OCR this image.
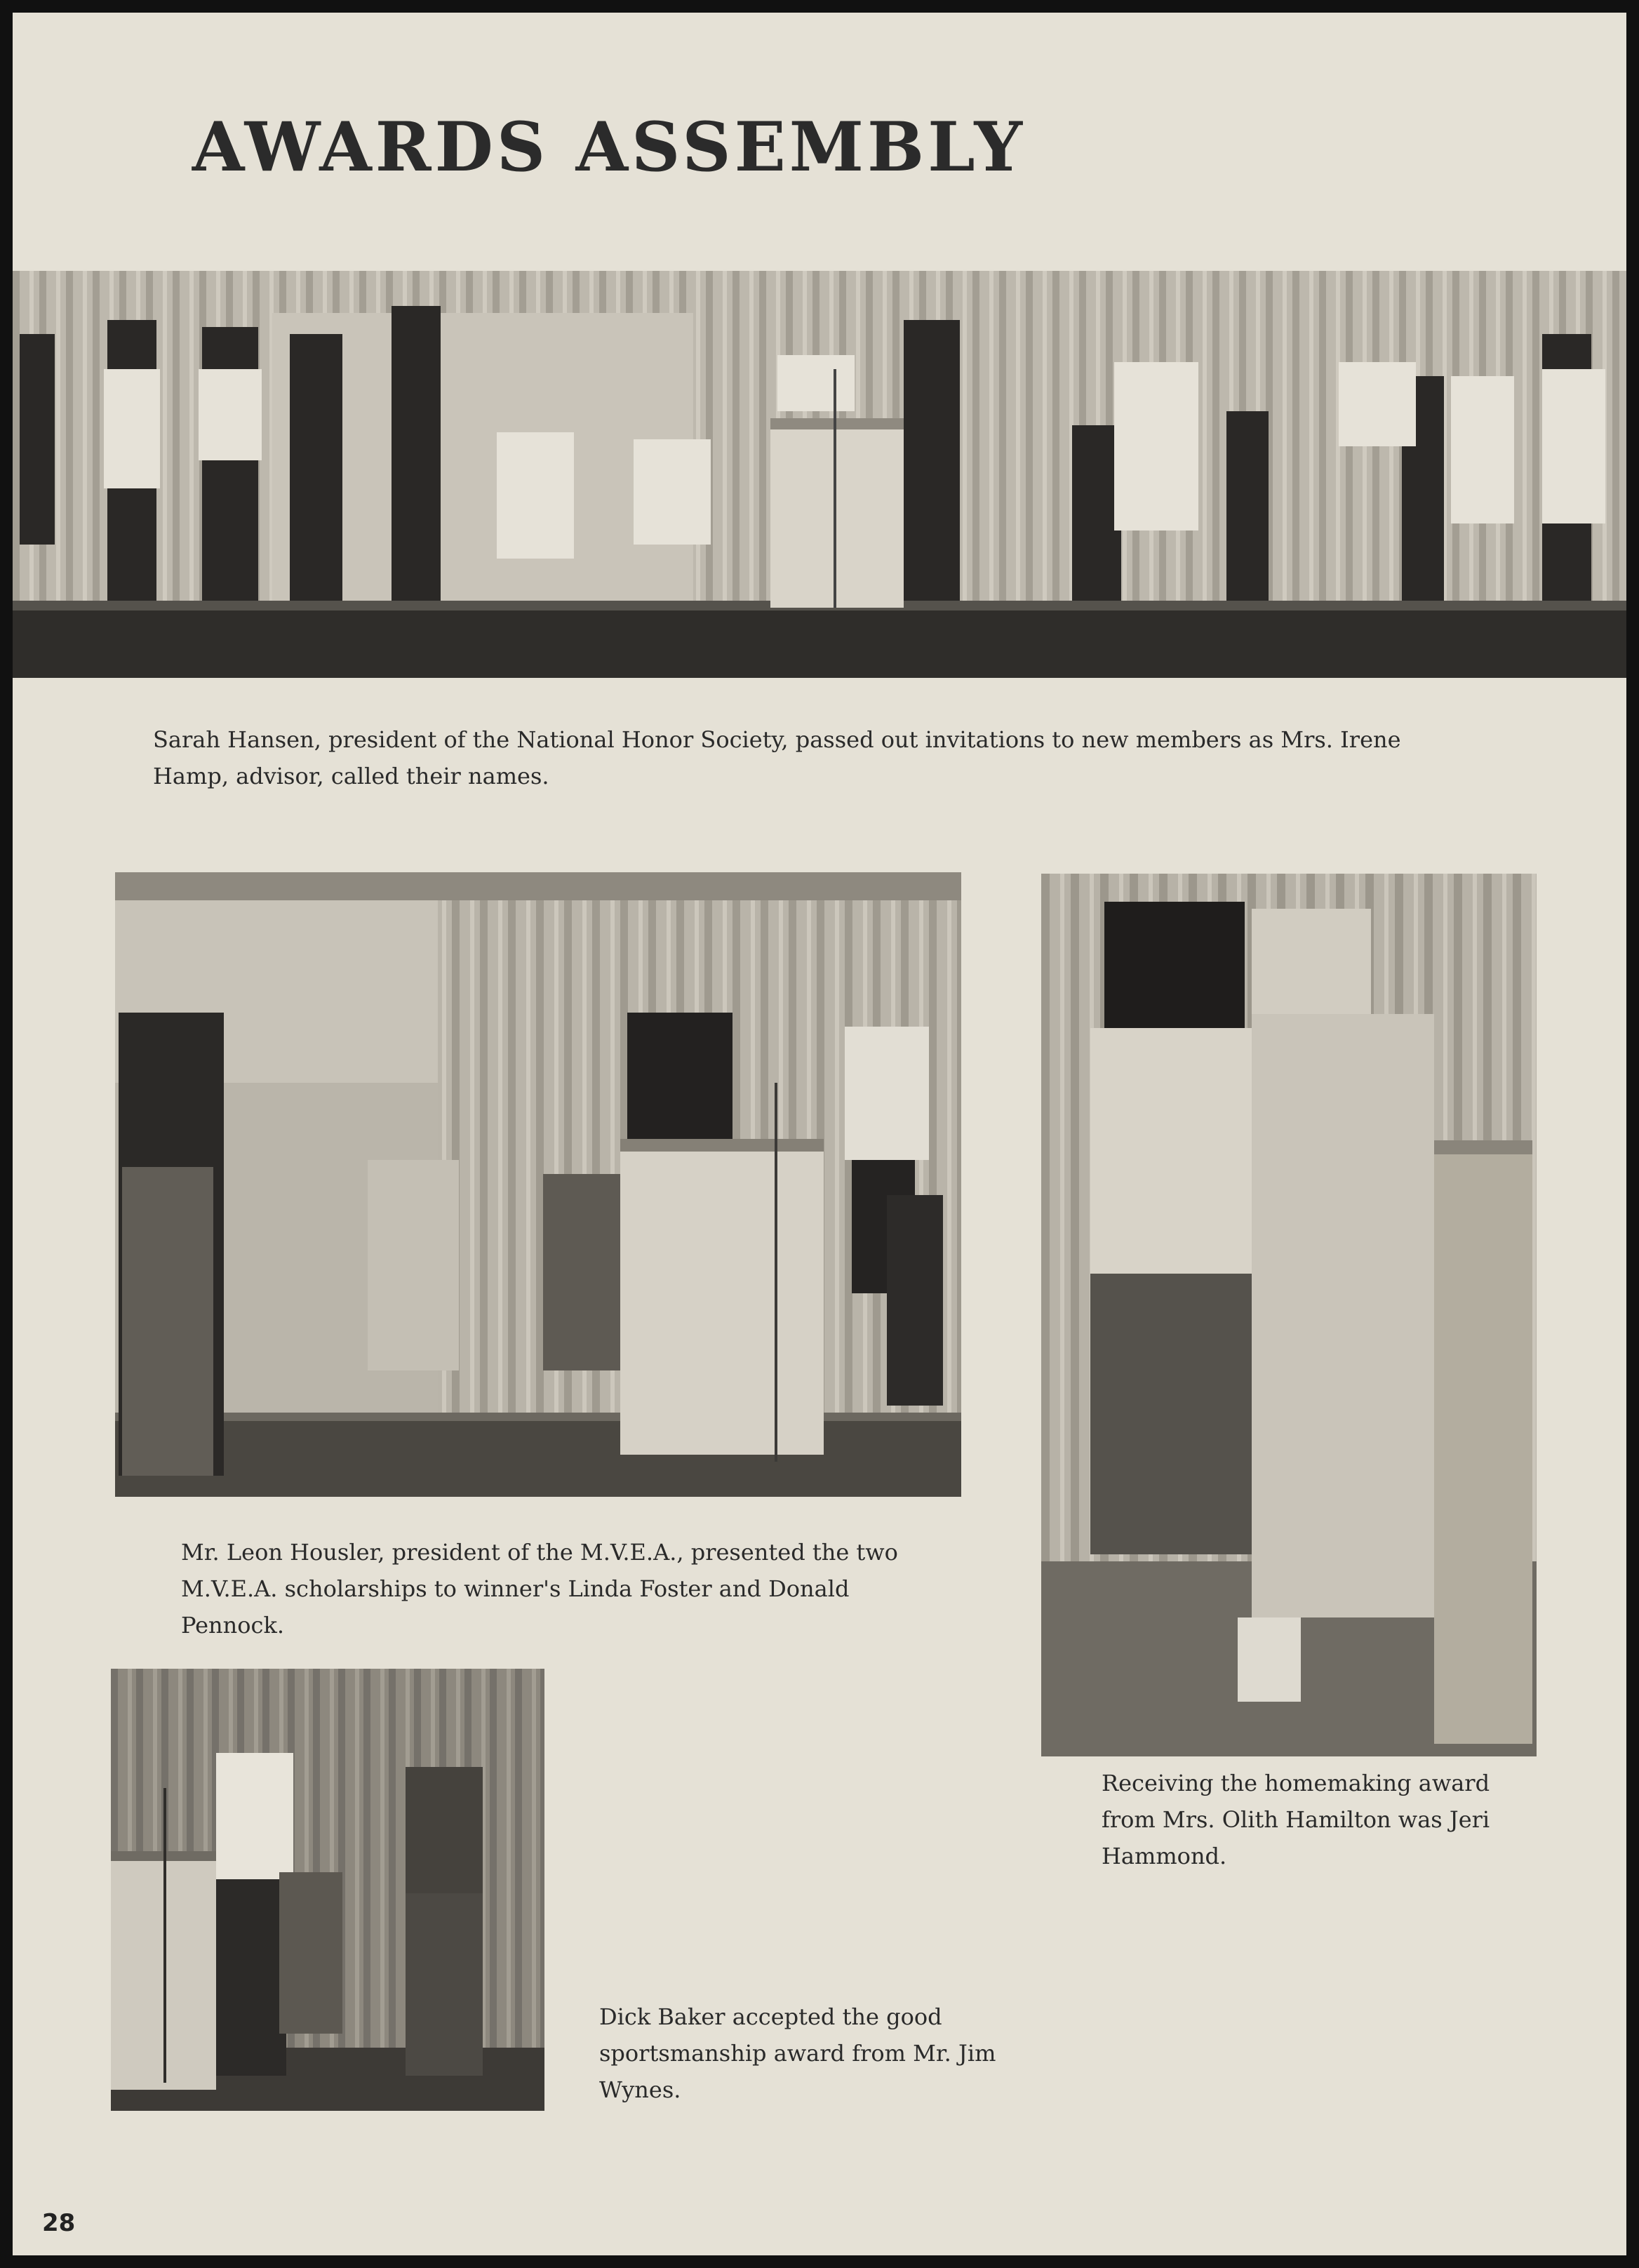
AWARDS ASSEMBLY
Sarah Hansen, president of the National Honor Society, passed out invitations to new members as Mrs. Irene Hamp, advisor, called their names.
Mr. Leon Housler, president of the M.V.E.A., presented the two M.V.E.A. scholarships to winner's Linda Foster and Donald Pennock.
Receiving the homemaking award from Mrs. Olith Hamilton was Jeri Hammond.
Dick Baker accepted the good sportsmanship award from Mr. Jim Wynes.
28
